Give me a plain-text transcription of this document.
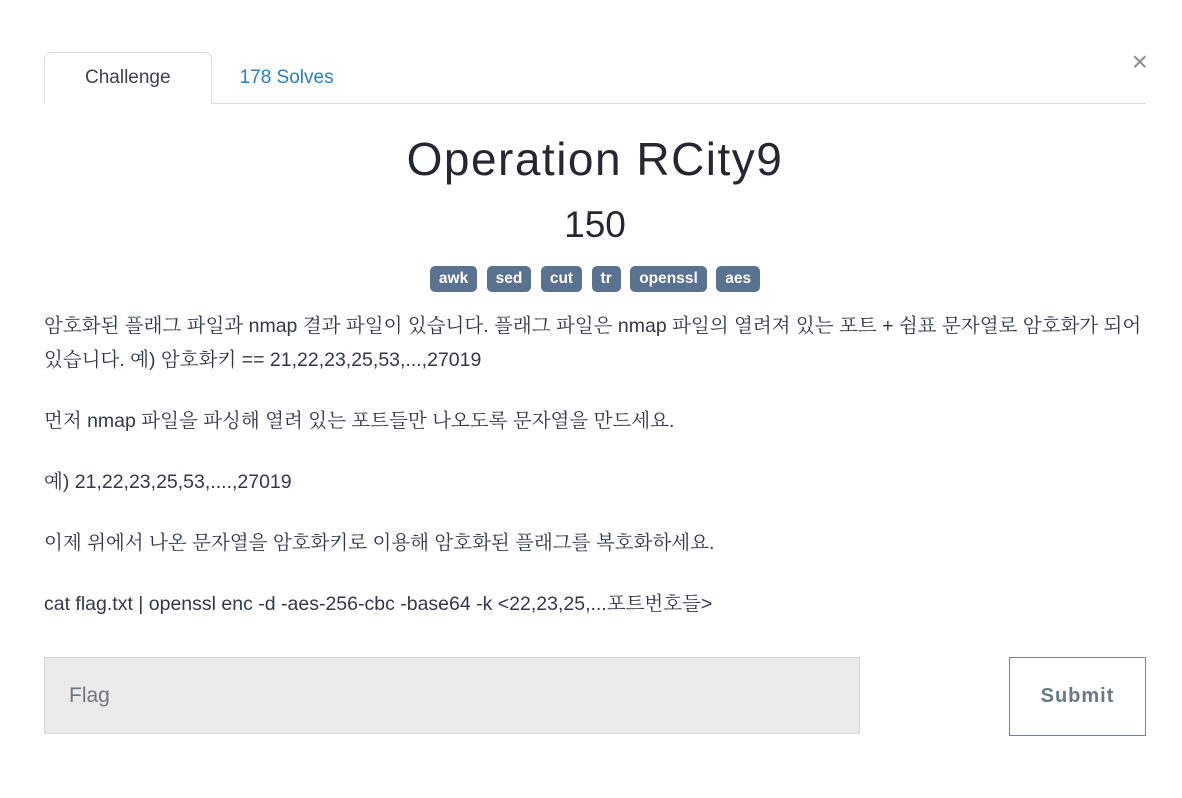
×
Challenge	178 Solves
Operation RCity9
150
awk sed cut tr openssl aes

암호화된 플래그 파일과 nmap 결과 파일이 있습니다. 플래그 파일은 nmap 파일의 열려져 있는 포트 + 쉼표 문자열로 암호화가 되어 있습니다. 예) 암호화키 == 21,22,23,25,53,...,27019

먼저 nmap 파일을 파싱해 열려 있는 포트들만 나오도록 문자열을 만드세요.

예) 21,22,23,25,53,....,27019

이제 위에서 나온 문자열을 암호화키로 이용해 암호화된 플래그를 복호화하세요.

cat flag.txt | openssl enc -d -aes-256-cbc -base64 -k <22,23,25,...포트번호들>

Flag
Submit
